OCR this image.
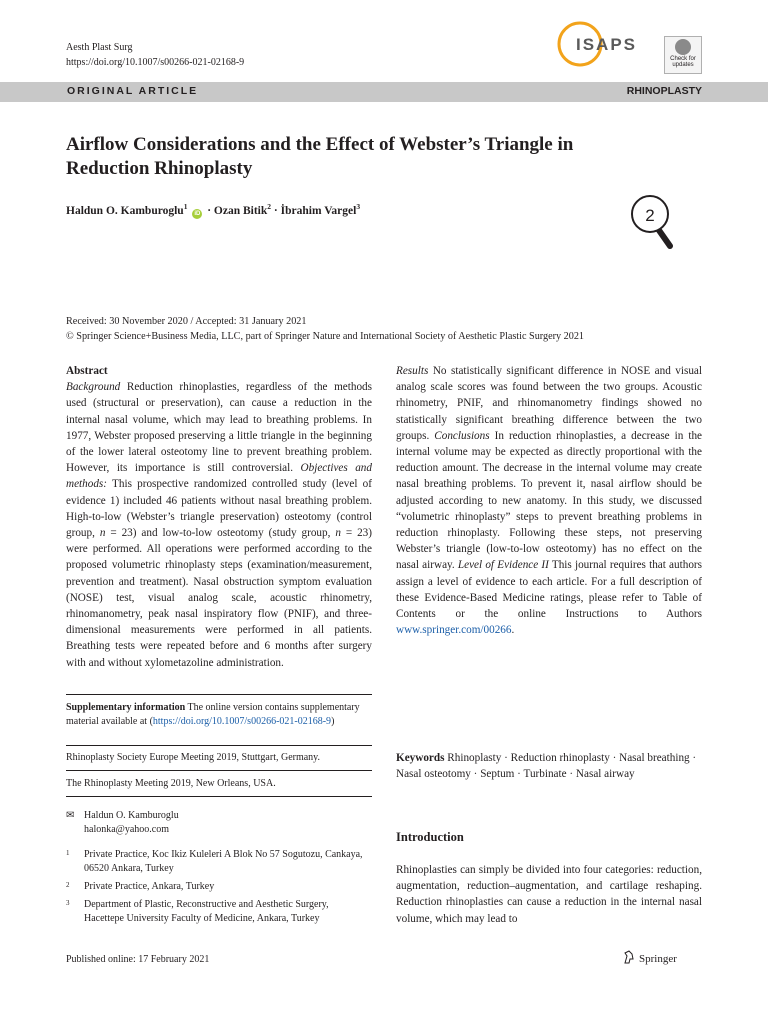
Aesth Plast Surg
https://doi.org/10.1007/s00266-021-02168-9
ISAPS
Check for updates
ORIGINAL ARTICLE	RHINOPLASTY
Airflow Considerations and the Effect of Webster’s Triangle in Reduction Rhinoplasty
Haldun O. Kamburoglu$^1$ iD · Ozan Bitik$^2$ · İbrahim Vargel$^3$	2
Received: 30 November 2020 / Accepted: 31 January 2021
© Springer Science+Business Media, LLC, part of Springer Nature and International Society of Aesthetic Plastic Surgery 2021

Abstract

Background Reduction rhinoplasties, regardless of the methods used (structural or preservation), can cause a reduction in the internal nasal volume, which may lead to breathing problems. In 1977, Webster proposed preserving a little triangle in the beginning of the lower lateral osteotomy line to prevent breathing problem. However, its importance is still controversial. Objectives and methods: This prospective randomized controlled study (level of evidence 1) included 46 patients without nasal breathing problem. High-to-low (Webster’s triangle preservation) osteotomy (control group, n = 23) and low-to-low osteotomy (study group, n = 23) were performed. All operations were performed according to the proposed volumetric rhinoplasty steps (examination/measurement, prevention and treatment). Nasal obstruction symptom evaluation (NOSE) test, visual analog scale, acoustic rhinometry, rhinomanometry, peak nasal inspiratory flow (PNIF), and three-dimensional measurements were performed in all patients. Breathing tests were repeated before and 6 months after surgery with and without xylometazoline administration.

Results No statistically significant difference in NOSE and visual analog scale scores was found between the two groups. Acoustic rhinometry, PNIF, and rhinomanometry findings showed no statistically significant breathing difference between the two groups. Conclusions In reduction rhinoplasties, a decrease in the internal volume may be expected as directly proportional with the reduction amount. The decrease in the internal volume may create nasal breathing problems. To prevent it, nasal airflow should be adjusted according to new anatomy. In this study, we discussed “volumetric rhinoplasty” steps to prevent breathing problems in reduction rhinoplasty. Following these steps, not preserving Webster’s triangle (low-to-low osteotomy) has no effect on the nasal airway. Level of Evidence II This journal requires that authors assign a level of evidence to each article. For a full description of these Evidence-Based Medicine ratings, please refer to Table of Contents or the online Instructions to Authors www.springer.com/00266.

Supplementary information The online version contains supplementary material available at (https://doi.org/10.1007/s00266-021-02168-9)
Rhinoplasty Society Europe Meeting 2019, Stuttgart, Germany.
The Rhinoplasty Meeting 2019, New Orleans, USA.
✉ Haldun O. Kamburoglu
halonka@yahoo.com
1 Private Practice, Koc Ikiz Kuleleri A Blok No 57 Sogutozu, Cankaya, 06520 Ankara, Turkey
2 Private Practice, Ankara, Turkey
3 Department of Plastic, Reconstructive and Aesthetic Surgery, Hacettepe University Faculty of Medicine, Ankara, Turkey
Keywords Rhinoplasty · Reduction rhinoplasty · Nasal breathing · Nasal osteotomy · Septum · Turbinate · Nasal airway
Introduction
Rhinoplasties can simply be divided into four categories: reduction, augmentation, reduction–augmentation, and cartilage reshaping. Reduction rhinoplasties can cause a reduction in the internal nasal volume, which may lead to
Published online: 17 February 2021	Springer
